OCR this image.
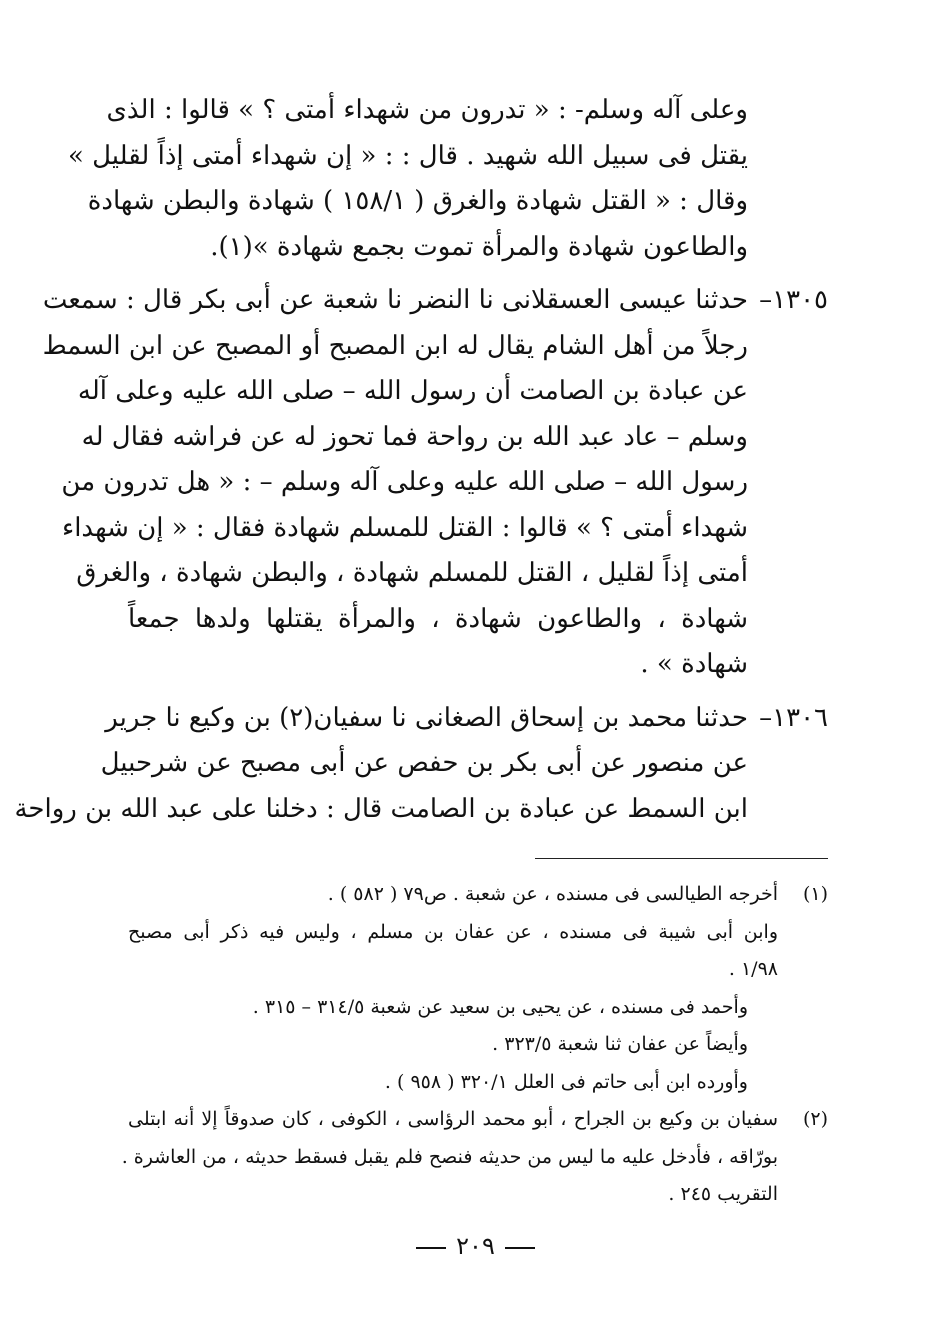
وعلى آله وسلم- : « تدرون من شهداء أمتى ؟ » قالوا : الذى
يقتل فى سبيل الله شهيد . قال : : « إن شهداء أمتى إذاً لقليل »
وقال : « القتل شهادة والغرق ( ١٥٨/١ ) شهادة والبطن شهادة
والطاعون شهادة والمرأة تموت بجمع شهادة »(١).
١٣٠٥–حدثنا عيسى العسقلانى نا النضر نا شعبة عن أبى بكر قال : سمعت
رجلاً من أهل الشام يقال له ابن المصبح أو المصبح عن ابن السمط
عن عبادة بن الصامت أن رسول الله – صلى الله عليه وعلى آله
وسلم – عاد عبد الله بن رواحة فما تحوز له عن فراشه فقال له
رسول الله – صلى الله عليه وعلى آله وسلم – : « هل تدرون من
شهداء أمتى ؟ » قالوا : القتل للمسلم شهادة فقال : « إن شهداء
أمتى إذاً لقليل ، القتل للمسلم شهادة ، والبطن شهادة ، والغرق
شهادة ، والطاعون شهادة ، والمرأة يقتلها ولدها جمعاً
شهادة » .
١٣٠٦–حدثنا محمد بن إسحاق الصغانى نا سفيان(٢) بن وكيع نا جرير
عن منصور عن أبى بكر بن حفص عن أبى مصبح عن شرحبيل
ابن السمط عن عبادة بن الصامت قال : دخلنا على عبد الله بن رواحة
(١)أخرجه الطيالسى فى مسنده ، عن شعبة . ص٧٩ ( ٥٨٢ ) .
وابن أبى شيبة فى مسنده ، عن عفان بن مسلم ، وليس فيه ذكر أبى مصبح
١/٩٨ .
وأحمد فى مسنده ، عن يحيى بن سعيد عن شعبة ٣١٤/٥ – ٣١٥ .
وأيضاً عن عفان ثنا شعبة ٣٢٣/٥ .
وأورده ابن أبى حاتم فى العلل ٣٢٠/١ ( ٩٥٨ ) .
(٢)سفيان بن وكيع بن الجراح ، أبو محمد الرؤاسى ، الكوفى ، كان صدوقاً إلا أنه ابتلى
بورّاقه ، فأدخل عليه ما ليس من حديثه فنصح فلم يقبل فسقط حديثه ، من العاشرة .
التقريب ٢٤٥ .
٢٠٩
